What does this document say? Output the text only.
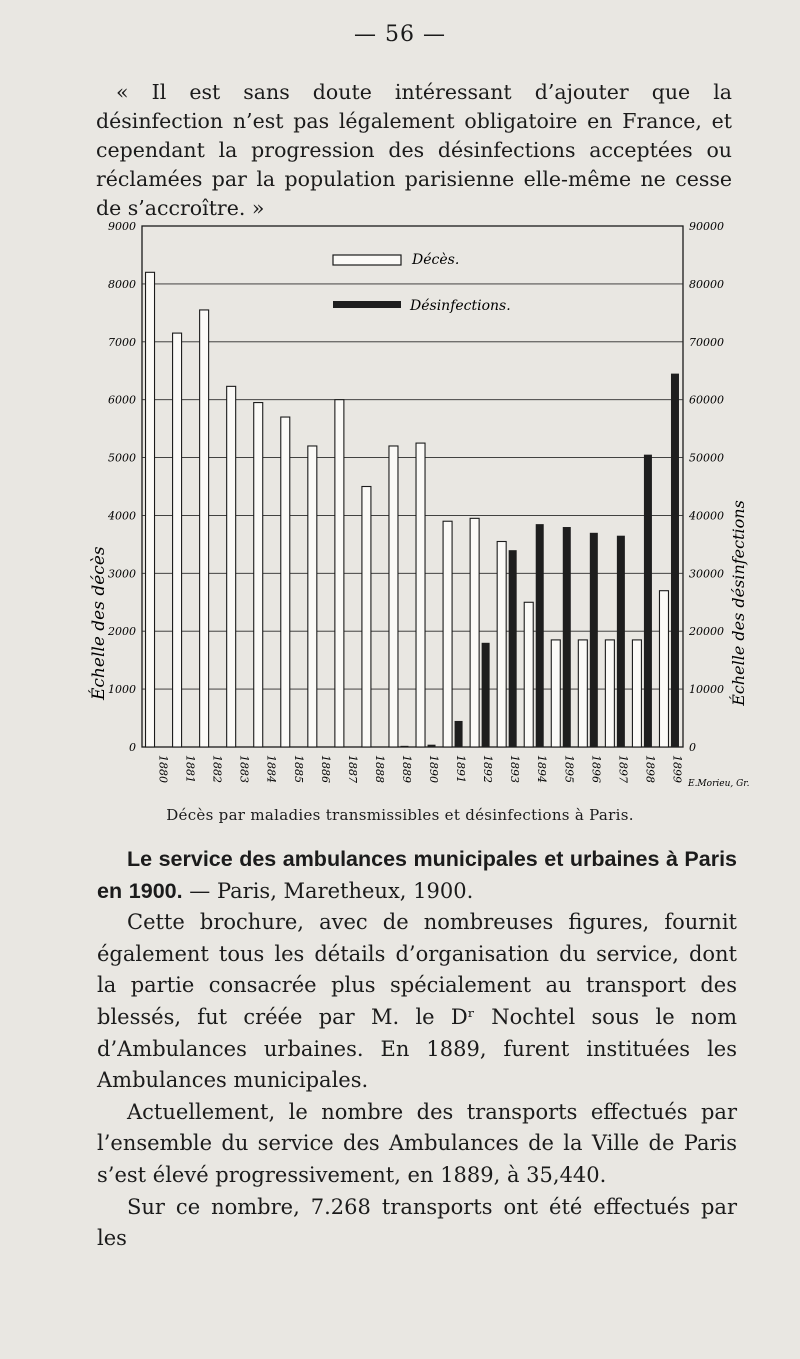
— 56 —
« Il est sans doute intéressant d’ajouter que la désinfection n’est pas légalement obligatoire en France, et cependant la progression des désinfections acceptées ou réclamées par la population parisienne elle-même ne cesse de s’accroître. »
0
1000
2000
3000
4000
5000
6000
7000
8000
9000
0
10000
20000
30000
40000
50000
60000
70000
80000
90000
1880 1881 1882 1883 1884 1885 1886 1887 1888 1889 1890 1891 1892 1893 1894 1895 1896 1897 1898 1899
Décès.
Désinfections.
Échelle des décès	Échelle des désinfections
E.Morieu, Gr.
Décès par maladies transmissibles et désinfections à Paris.

Le service des ambulances municipales et urbaines à Paris en 1900. — Paris, Maretheux, 1900.

Cette brochure, avec de nombreuses figures, fournit également tous les détails d’organisation du service, dont la partie consacrée plus spécialement au transport des blessés, fut créée par M. le Dʳ Nochtel sous le nom d’Ambulances urbaines. En 1889, furent instituées les Ambulances municipales.

Actuellement, le nombre des transports effectués par l’ensemble du service des Ambulances de la Ville de Paris s’est élevé progressivement, en 1889, à 35,440.

Sur ce nombre, 7.268 transports ont été effectués par les
